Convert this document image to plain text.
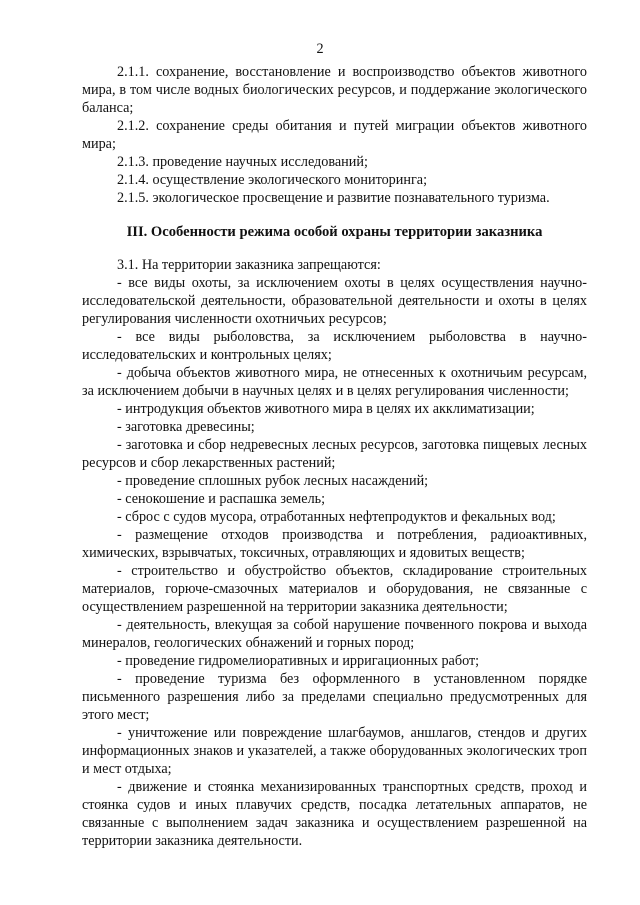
2

2.1.1. сохранение, восстановление и воспроизводство объектов животного мира, в том числе водных биологических ресурсов, и поддержание экологического баланса;

2.1.2. сохранение среды обитания и путей миграции объектов животного мира;

2.1.3. проведение научных исследований;

2.1.4. осуществление экологического мониторинга;

2.1.5. экологическое просвещение и развитие познавательного туризма.

III. Особенности режима особой охраны территории заказника

3.1. На территории заказника запрещаются:

- все виды охоты, за исключением охоты в целях осуществления научно-исследовательской деятельности, образовательной деятельности и охоты в целях регулирования численности охотничьих ресурсов;

- все виды рыболовства, за исключением рыболовства в научно-исследовательских и контрольных целях;

- добыча объектов животного мира, не отнесенных к охотничьим ресурсам, за исключением добычи в научных целях и в целях регулирования численности;

- интродукция объектов животного мира в целях их акклиматизации;

- заготовка древесины;

- заготовка и сбор недревесных лесных ресурсов, заготовка пищевых лесных ресурсов и сбор лекарственных растений;

- проведение сплошных рубок лесных насаждений;

- сенокошение и распашка земель;

- сброс с судов мусора, отработанных нефтепродуктов и фекальных вод;

- размещение отходов производства и потребления, радиоактивных, химических, взрывчатых, токсичных, отравляющих и ядовитых веществ;

- строительство и обустройство объектов, складирование строительных материалов, горюче-смазочных материалов и оборудования, не связанные с осуществлением разрешенной на территории заказника деятельности;

- деятельность, влекущая за собой нарушение почвенного покрова и выхода минералов, геологических обнажений и горных пород;

- проведение гидромелиоративных и ирригационных работ;

- проведение туризма без оформленного в установленном порядке письменного разрешения либо за пределами специально предусмотренных для этого мест;

- уничтожение или повреждение шлагбаумов, аншлагов, стендов и других информационных знаков и указателей, а также оборудованных экологических троп и мест отдыха;

- движение и стоянка механизированных транспортных средств, проход и стоянка судов и иных плавучих средств, посадка летательных аппаратов, не связанные с выполнением задач заказника и осуществлением разрешенной на территории заказника деятельности.
